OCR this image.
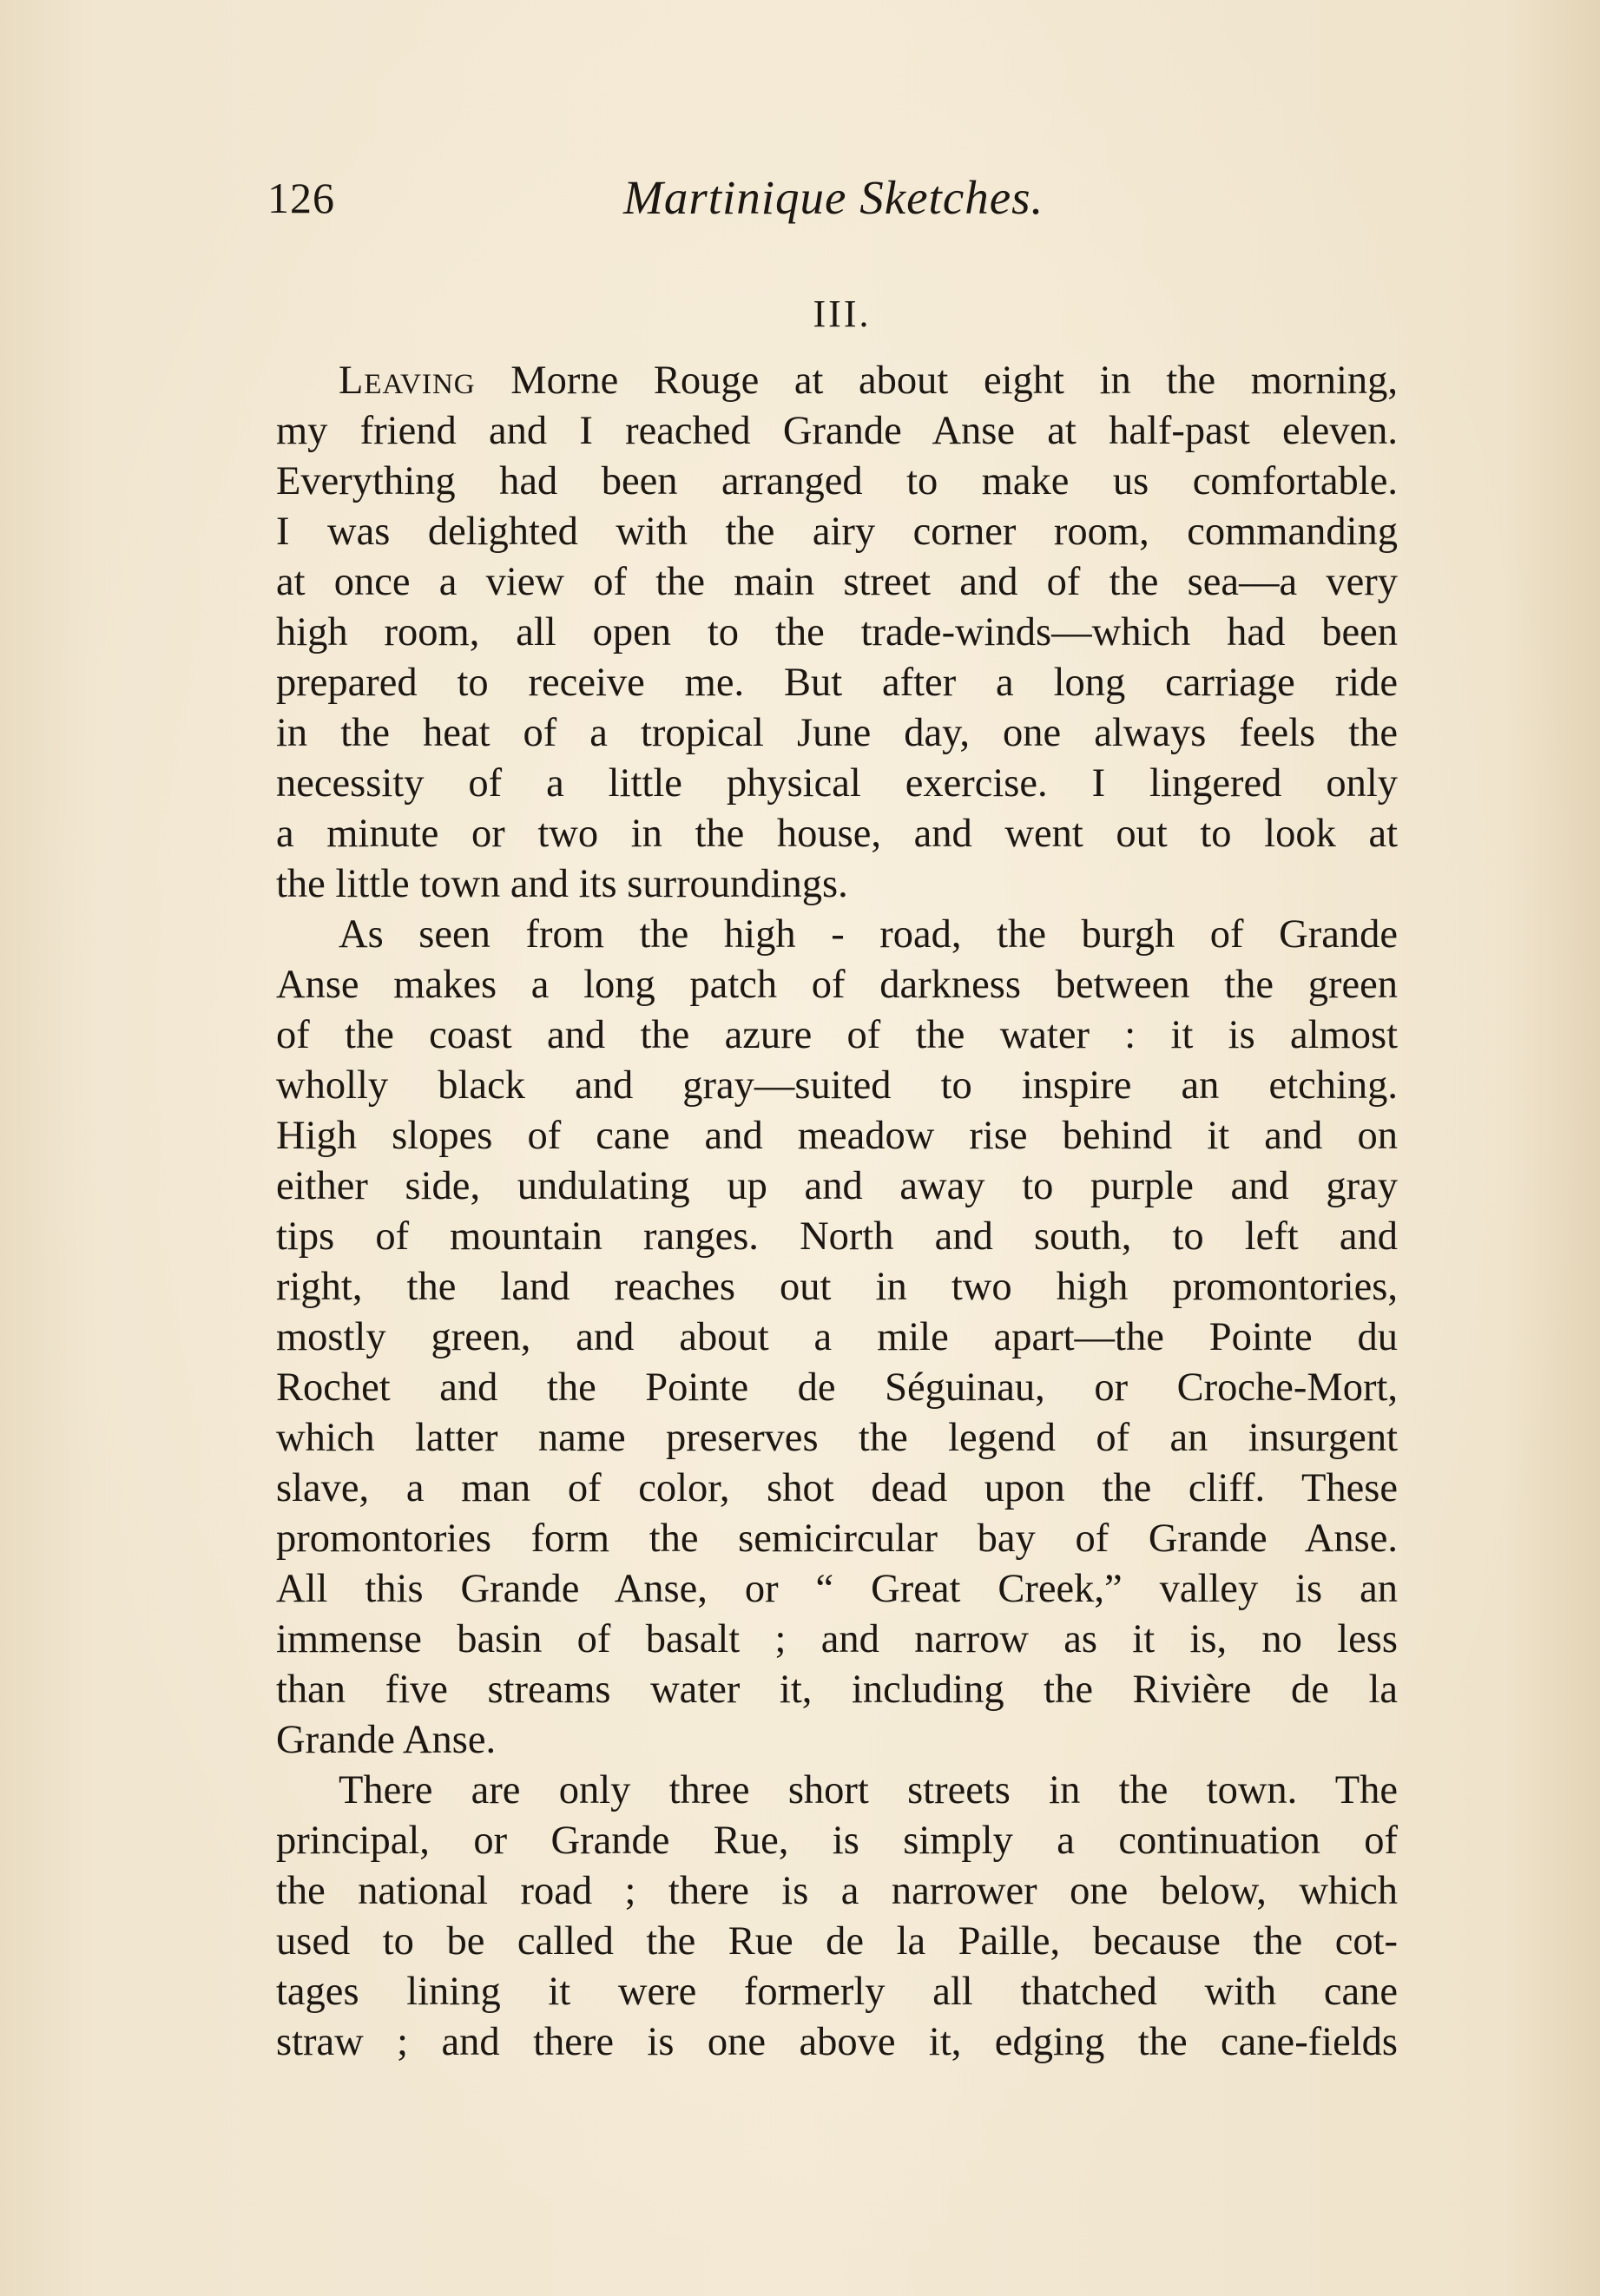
126	Martinique Sketches.
III.
Leaving Morne Rouge at about eight in the morning,
my friend and I reached Grande Anse at half-past eleven.
Everything had been arranged to make us comfortable.
I was delighted with the airy corner room, commanding
at once a view of the main street and of the sea—a very
high room, all open to the trade-winds—which had been
prepared to receive me. But after a long carriage ride
in the heat of a tropical June day, one always feels the
necessity of a little physical exercise. I lingered only
a minute or two in the house, and went out to look at
the little town and its surroundings.
As seen from the high - road, the burgh of Grande
Anse makes a long patch of darkness between the green
of the coast and the azure of the water : it is almost
wholly black and gray—suited to inspire an etching.
High slopes of cane and meadow rise behind it and on
either side, undulating up and away to purple and gray
tips of mountain ranges. North and south, to left and
right, the land reaches out in two high promontories,
mostly green, and about a mile apart—the Pointe du
Rochet and the Pointe de Séguinau, or Croche-Mort,
which latter name preserves the legend of an insurgent
slave, a man of color, shot dead upon the cliff. These
promontories form the semicircular bay of Grande Anse.
All this Grande Anse, or “ Great Creek,” valley is an
immense basin of basalt ; and narrow as it is, no less
than five streams water it, including the Rivière de la
Grande Anse.
There are only three short streets in the town. The
principal, or Grande Rue, is simply a continuation of
the national road ; there is a narrower one below, which
used to be called the Rue de la Paille, because the cot-
tages lining it were formerly all thatched with cane
straw ; and there is one above it, edging the cane-fields
